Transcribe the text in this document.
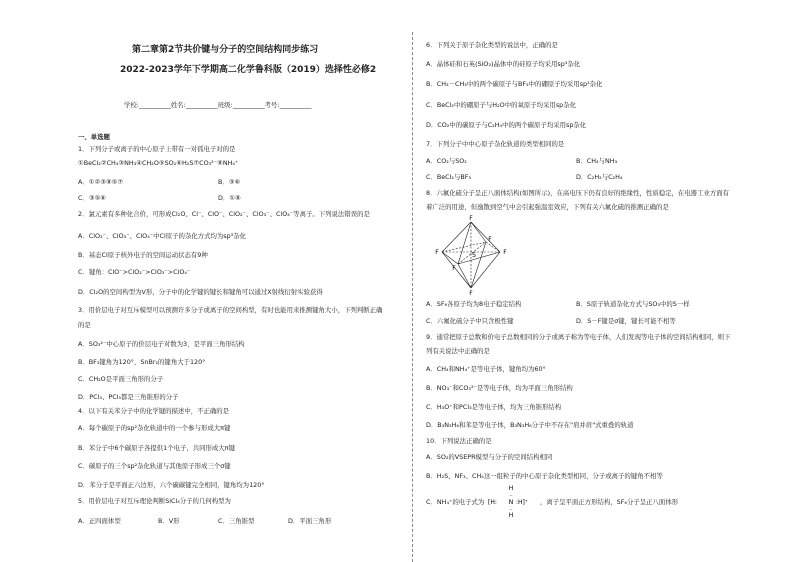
第二章第2节共价键与分子的空间结构同步练习
2022-2023学年下学期高二化学鲁科版（2019）选择性必修2
学校:__________姓名:__________班级:__________考号:__________
一、单选题
1．下列分子或离子的中心原子上带有一对孤电子对的是
①BeCl₂②CH₄③NH₃④CH₂O⑤SO₂⑥H₂S⑦CO₃²⁻⑧NH₄⁺
A．①②③⑧⑤⑦	B．③⑥
C．③⑤⑥	D．①⑧
2．氯元素有多种化合价，可形成Cl₂O、Cl⁻、ClO⁻、ClO₂⁻、ClO₃⁻、ClO₄⁻等离子。下列说法错误的是
A．ClO₂⁻、ClO₃⁻、ClO₄⁻中Cl原子的杂化方式均为sp³杂化
B．基态Cl原子核外电子的空间运动状态有9种
C．键角：ClO⁻>ClO₂⁻>ClO₃⁻>ClO₄⁻
D．Cl₂O的空间构型为V形，分子中的化学键的键长和键角可以通过X射线衍射实验获得
3．用价层电子对互斥模型可以预测许多分子或离子的空间构型，有时也能用来推测键角大小，下列判断正确
的是
A．SO₃²⁻中心原子的价层电子对数为3，是平面三角形结构
B．BF₃键角为120°，SnBr₂的键角大于120°
C．CH₂O是平面三角形的分子
D．PCl₃、PCl₅都是三角锥形的分子
4．以下有关苯分子中的化学键的描述中，不正确的是
A．每个碳原子的sp²杂化轨道中的一个参与形成大π键
B．苯分子中6个碳原子各提供1个电子，共同形成大π键
C．碳原子的三个sp²杂化轨道与其他原子形成三个σ键
D．苯分子是平面正六边形，六个碳碳键完全相同，键角均为120°
5．用价层电子对互斥理论判断SiCl₄分子的几何构型为
A．正四面体型	B．V形	C．三角锥型	D．平面三角形
6．下列关于原子杂化类型的说法中，正确的是
A．晶体硅和石英(SiO₂)晶体中的硅原子均采用sp³杂化
B．CH₃－CH₃中的两个碳原子与BF₃中的硼原子均采用sp²杂化
C．BeCl₂中的硼原子与H₂O中的氧原子均采用sp杂化
D．CO₂中的碳原子与C₂H₄中的两个碳原子均采用sp杂化
7．下列分子中中心原子杂化轨道的类型相同的是
A．CO₂与SO₂	B．CH₄与NH₃
C．BeCl₂与BF₃	D．C₂H₂与C₂H₄
8．六氟化硫分子呈正八面体结构(如图所示)，在高电压下仍有良好的绝缘性，性质稳定，在电器工业方面有
着广泛的用途，但逸散到空气中会引起强温室效应，下列有关六氟化硫的推测正确的是
F
F
F	F
F
F
S
A．SF₆各原子均为8电子稳定结构	B．S原子轨道杂化方式与SO₃中的S一样
C．六氟化硫分子中只含极性键	D．S－F键是σ键，键长可能不相等
9．通常把原子总数和价电子总数相同的分子或离子称为等电子体，人们发现等电子体的空间结构相同，则下
列有关说法中正确的是
A．CH₄和NH₄⁺是等电子体，键角均为60°
B．NO₃⁻和CO₃²⁻是等电子体，均为平面三角形结构
C．H₃O⁺和PCl₃是等电子体，均为三角锥形结构
D．B₃N₃H₆和苯是等电子体，B₃N₃H₆分子中不存在"肩并肩"式重叠的轨道
10．下列说法正确的是
A．SO₂的VSEPR模型与分子的空间结构相同
B．H₂S、NF₃、CH₄这一组粒子的中心原子杂化类型相同，分子或离子的键角不相等
C．NH₄⁺的电子式为
H
‥
[H: N :H]⁺
‥
H
，离子呈平面正方形结构，SF₆分子呈正八面体形
